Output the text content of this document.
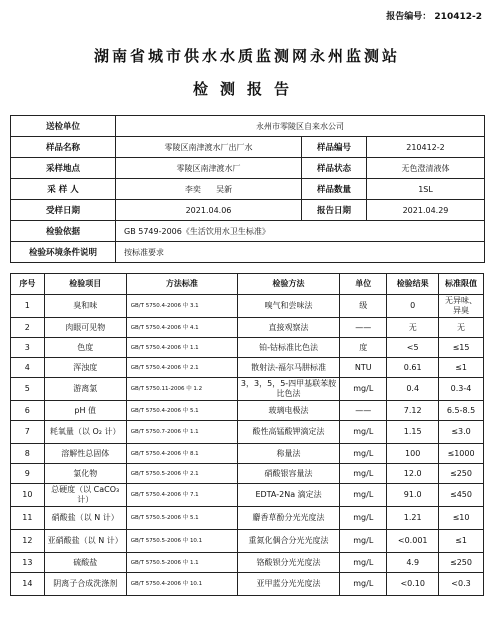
报告编号： 210412-2
湖南省城市供水水质监测网永州监测站
检测报告
送检单位	永州市零陵区自来水公司		
样品名称	零陵区南津渡水厂出厂水	样品编号	210412-2
采样地点	零陵区南津渡水厂	样品状态	无色澄清液体
采 样 人	李奕      吴新	样品数量	1SL
受样日期	2021.04.06	报告日期	2021.04.29
检验依据	GB 5749-2006《生活饮用水卫生标准》		
检验环境条件说明	按标准要求		
序号	检验项目	方法标准	检验方法	单位	检验结果	标准限值
1	臭和味	GB/T 5750.4-2006 中 3.1	嗅气和尝味法	级	0	无异味、异臭
2	肉眼可见物	GB/T 5750.4-2006 中 4.1	直接观察法	——	无	无
3	色度	GB/T 5750.4-2006 中 1.1	铂-钴标准比色法	度	<5	≤15
4	浑浊度	GB/T 5750.4-2006 中 2.1	散射法-福尔马肼标准	NTU	0.61	≤1
5	游离氯	GB/T 5750.11-2006 中 1.2	3，3，5，5-四甲基联苯胺比色法	mg/L	0.4	0.3-4
6	pH 值	GB/T 5750.4-2006 中 5.1	玻璃电极法	——	7.12	6.5-8.5
7	耗氧量（以 O₂ 计）	GB/T 5750.7-2006 中 1.1	酸性高锰酸钾滴定法	mg/L	1.15	≤3.0
8	溶解性总固体	GB/T 5750.4-2006 中 8.1	称量法	mg/L	100	≤1000
9	氯化物	GB/T 5750.5-2006 中 2.1	硝酸银容量法	mg/L	12.0	≤250
10	总硬度（以 CaCO₃ 计）	GB/T 5750.4-2006 中 7.1	EDTA-2Na 滴定法	mg/L	91.0	≤450
11	硝酸盐（以 N 计）	GB/T 5750.5-2006 中 5.1	麝香草酚分光光度法	mg/L	1.21	≤10
12	亚硝酸盐（以 N 计）	GB/T 5750.5-2006 中 10.1	重氮化偶合分光光度法	mg/L	<0.001	≤1
13	硫酸盐	GB/T 5750.5-2006 中 1.1	铬酸钡分光光度法	mg/L	4.9	≤250
14	阴离子合成洗涤剂	GB/T 5750.4-2006 中 10.1	亚甲蓝分光光度法	mg/L	<0.10	<0.3
